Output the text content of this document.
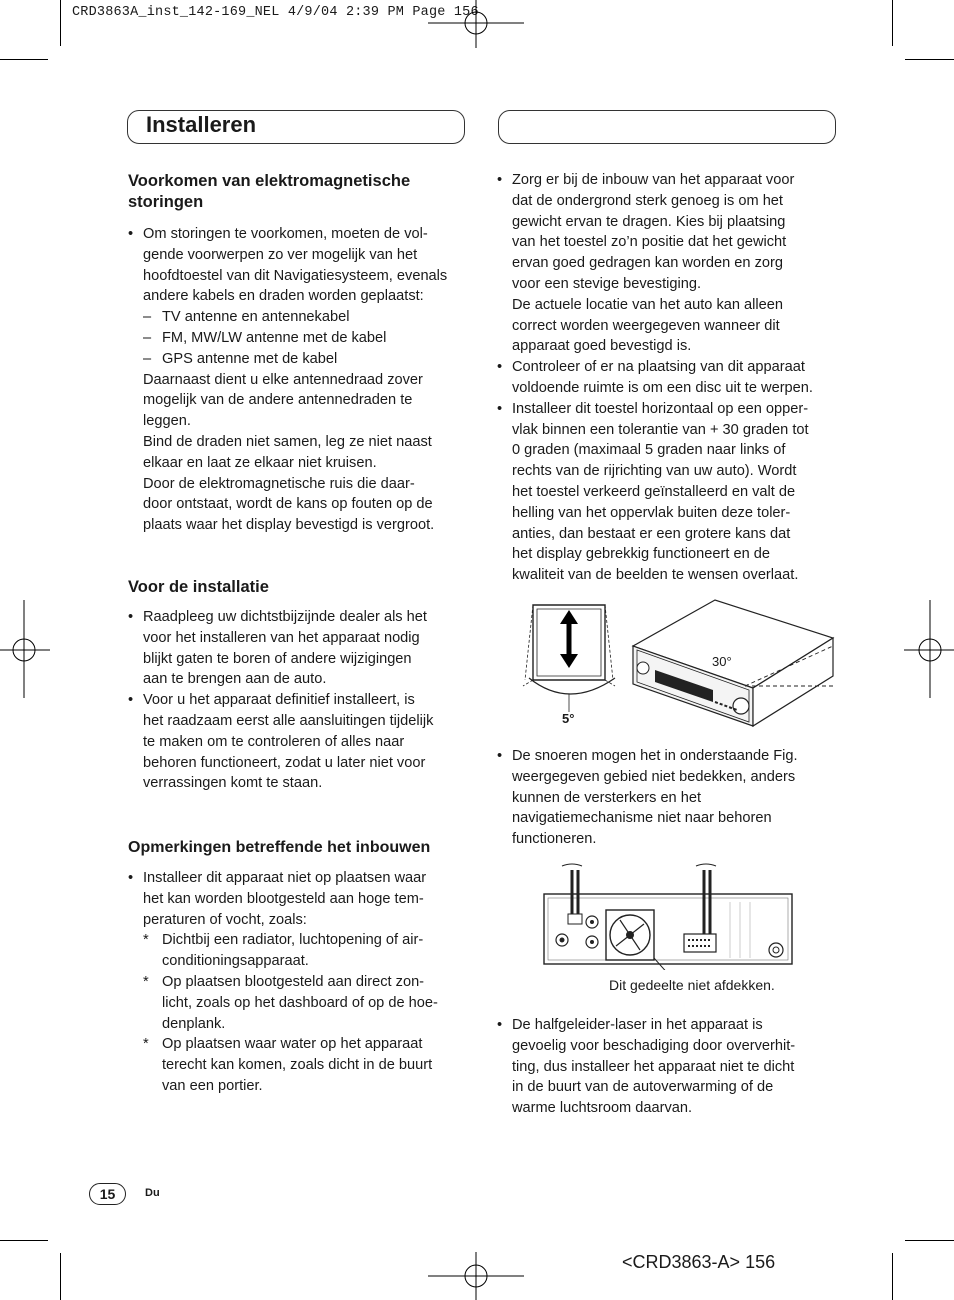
CRD3863A_inst_142-169_NEL 4/9/04 2:39 PM Page 156
Installeren
Voorkomen van elektromagnetische storingen

• Om storingen te voorkomen, moeten de vol-

gende voorwerpen zo ver mogelijk van het

hoofdtoestel van dit Navigatiesysteem, evenals

andere kabels en draden worden geplaatst:

– TV antenne en antennekabel

– FM, MW/LW antenne met de kabel

– GPS antenne met de kabel

Daarnaast dient u elke antennedraad zover

mogelijk van de andere antennedraden te

leggen.

Bind de draden niet samen, leg ze niet naast

elkaar en laat ze elkaar niet kruisen.

Door de elektromagnetische ruis die daar-

door ontstaat, wordt de kans op fouten op de

plaats waar het display bevestigd is vergroot.

Voor de installatie

• Raadpleeg uw dichtstbijzijnde dealer als het

voor het installeren van het apparaat nodig

blijkt gaten te boren of andere wijzigingen

aan te brengen aan de auto.

• Voor u het apparaat definitief installeert, is

het raadzaam eerst alle aansluitingen tijdelijk

te maken om te controleren of alles naar

behoren functioneert, zodat u later niet voor

verrassingen komt te staan.

Opmerkingen betreffende het inbouwen

• Installeer dit apparaat niet op plaatsen waar

het kan worden blootgesteld aan hoge tem-

peraturen of vocht, zoals:

* Dichtbij een radiator, luchtopening of air-

conditioningsapparaat.

* Op plaatsen blootgesteld aan direct zon-

licht, zoals op het dashboard of op de hoe-

denplank.

* Op plaatsen waar water op het apparaat

terecht kan komen, zoals dicht in de buurt

van een portier.

• Zorg er bij de inbouw van het apparaat voor

dat de ondergrond sterk genoeg is om het

gewicht ervan te dragen. Kies bij plaatsing

van het toestel zo’n positie dat het gewicht

ervan goed gedragen kan worden en zorg

voor een stevige bevestiging.

De actuele locatie van het auto kan alleen

correct worden weergegeven wanneer dit

apparaat goed bevestigd is.

• Controleer of er na plaatsing van dit apparaat

voldoende ruimte is om een disc uit te werpen.

• Installeer dit toestel horizontaal op een opper-

vlak binnen een tolerantie van + 30 graden tot

0 graden (maximaal 5 graden naar links of

rechts van de rijrichting van uw auto). Wordt

het toestel verkeerd geïnstalleerd en valt de

helling van het oppervlak buiten deze toler-

anties, dan bestaat er een grotere kans dat

het display gebrekkig functioneert en de

kwaliteit van de beelden te wensen overlaat.

30°
5°

• De snoeren mogen het in onderstaande Fig.

weergegeven gebied niet bedekken, anders

kunnen de versterkers en het

navigatiemechanisme niet naar behoren

functioneren.

Dit gedeelte niet afdekken.

• De halfgeleider-laser in het apparaat is

gevoelig voor beschadiging door oververhit-

ting, dus installeer het apparaat niet te dicht

in de buurt van de autoverwarming of de

warme luchtsroom daarvan.

15	Du
<CRD3863-A> 156
